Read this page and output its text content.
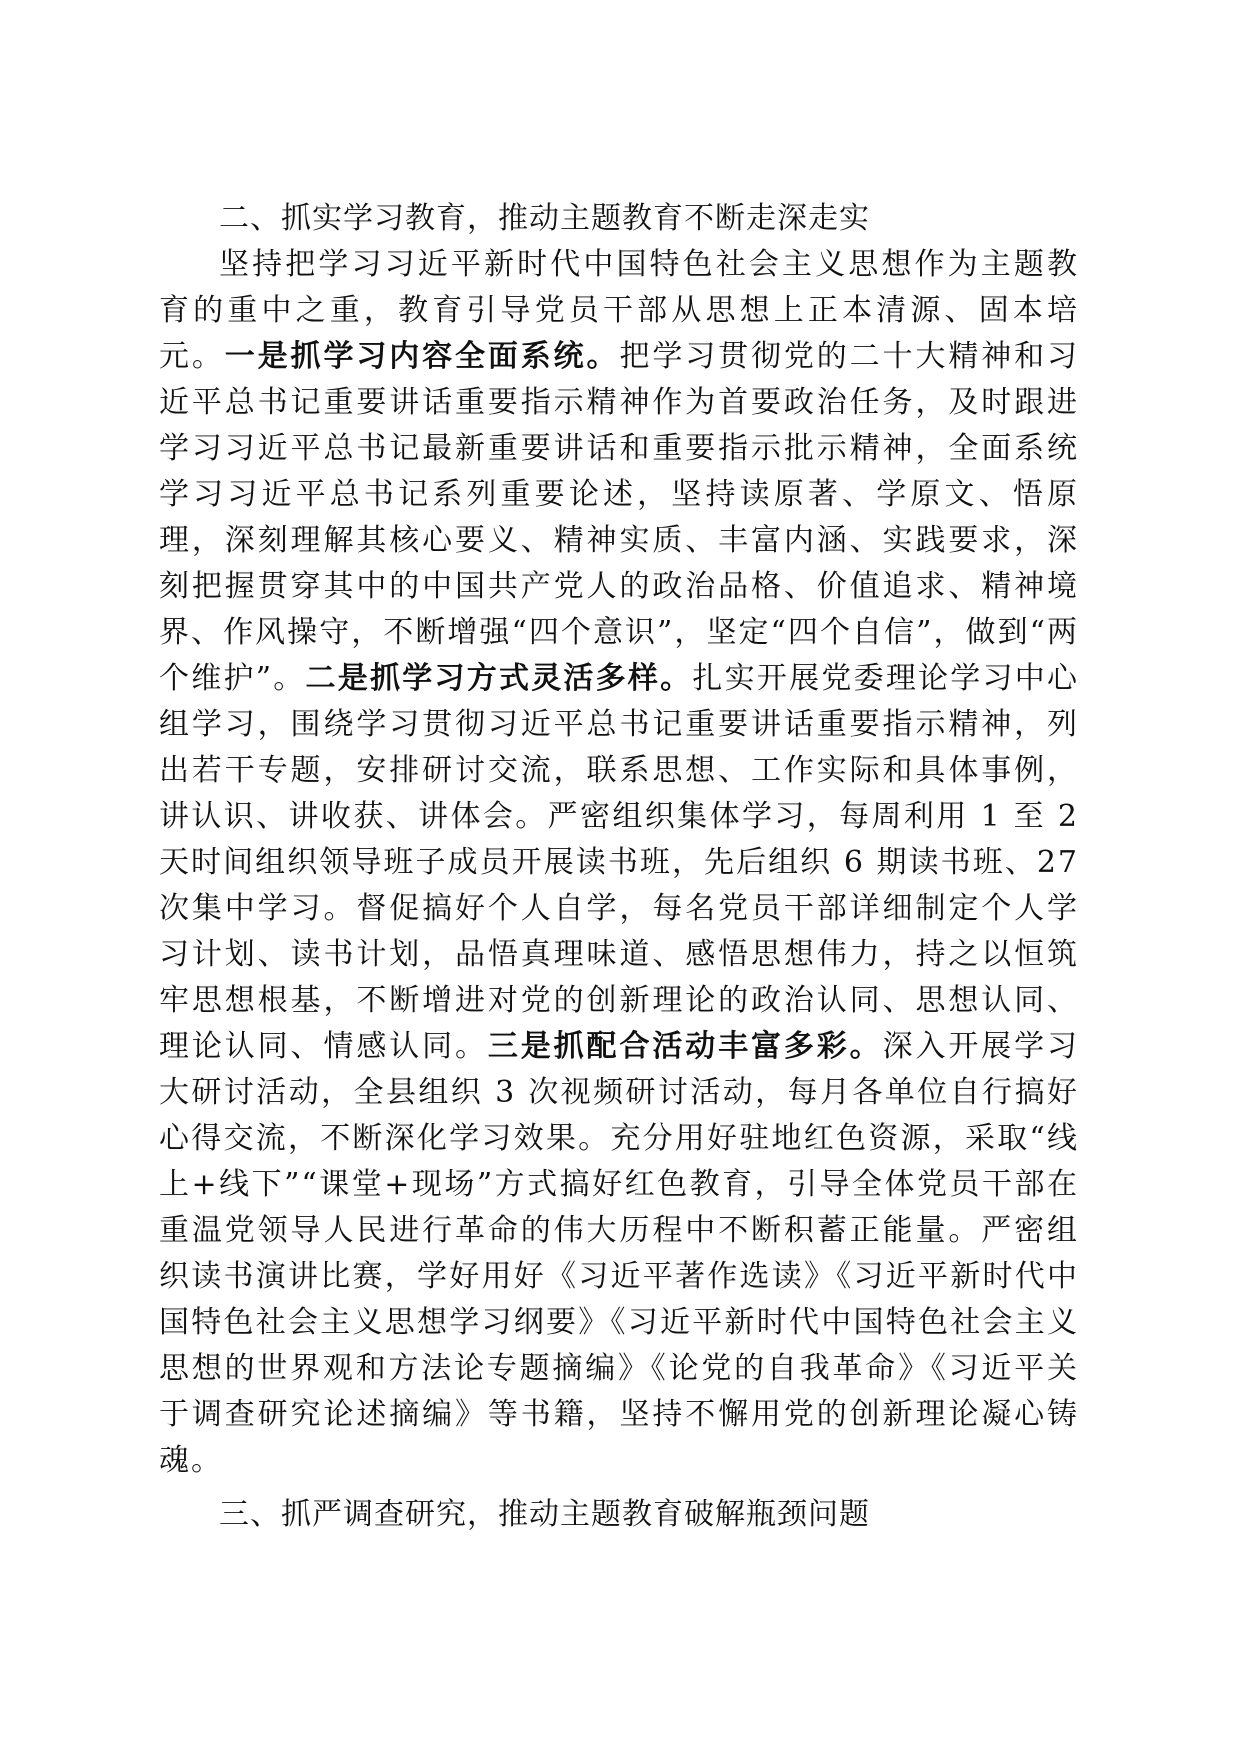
二、抓实学习教育，推动主题教育不断走深走实

坚持把学习习近平新时代中国特色社会主义思想作为主题教育的重中之重，教育引导党员干部从思想上正本清源、固本培元。一是抓学习内容全面系统。把学习贯彻党的二十大精神和习近平总书记重要讲话重要指示精神作为首要政治任务，及时跟进学习习近平总书记最新重要讲话和重要指示批示精神，全面系统学习习近平总书记系列重要论述，坚持读原著、学原文、悟原理，深刻理解其核心要义、精神实质、丰富内涵、实践要求，深刻把握贯穿其中的中国共产党人的政治品格、价值追求、精神境界、作风操守，不断增强“四个意识”，坚定“四个自信”，做到“两个维护”。二是抓学习方式灵活多样。扎实开展党委理论学习中心组学习，围绕学习贯彻习近平总书记重要讲话重要指示精神，列出若干专题，安排研讨交流，联系思想、工作实际和具体事例，讲认识、讲收获、讲体会。严密组织集体学习，每周利用 1 至 2 天时间组织领导班子成员开展读书班，先后组织 6 期读书班、27 次集中学习。督促搞好个人自学，每名党员干部详细制定个人学习计划、读书计划，品悟真理味道、感悟思想伟力，持之以恒筑牢思想根基，不断增进对党的创新理论的政治认同、思想认同、理论认同、情感认同。三是抓配合活动丰富多彩。深入开展学习大研讨活动，全县组织 3 次视频研讨活动，每月各单位自行搞好心得交流，不断深化学习效果。充分用好驻地红色资源，采取“线上+线下”“课堂+现场”方式搞好红色教育，引导全体党员干部在重温党领导人民进行革命的伟大历程中不断积蓄正能量。严密组织读书演讲比赛，学好用好《习近平著作选读》《习近平新时代中国特色社会主义思想学习纲要》《习近平新时代中国特色社会主义思想的世界观和方法论专题摘编》《论党的自我革命》《习近平关于调查研究论述摘编》等书籍，坚持不懈用党的创新理论凝心铸魂。

三、抓严调查研究，推动主题教育破解瓶颈问题
